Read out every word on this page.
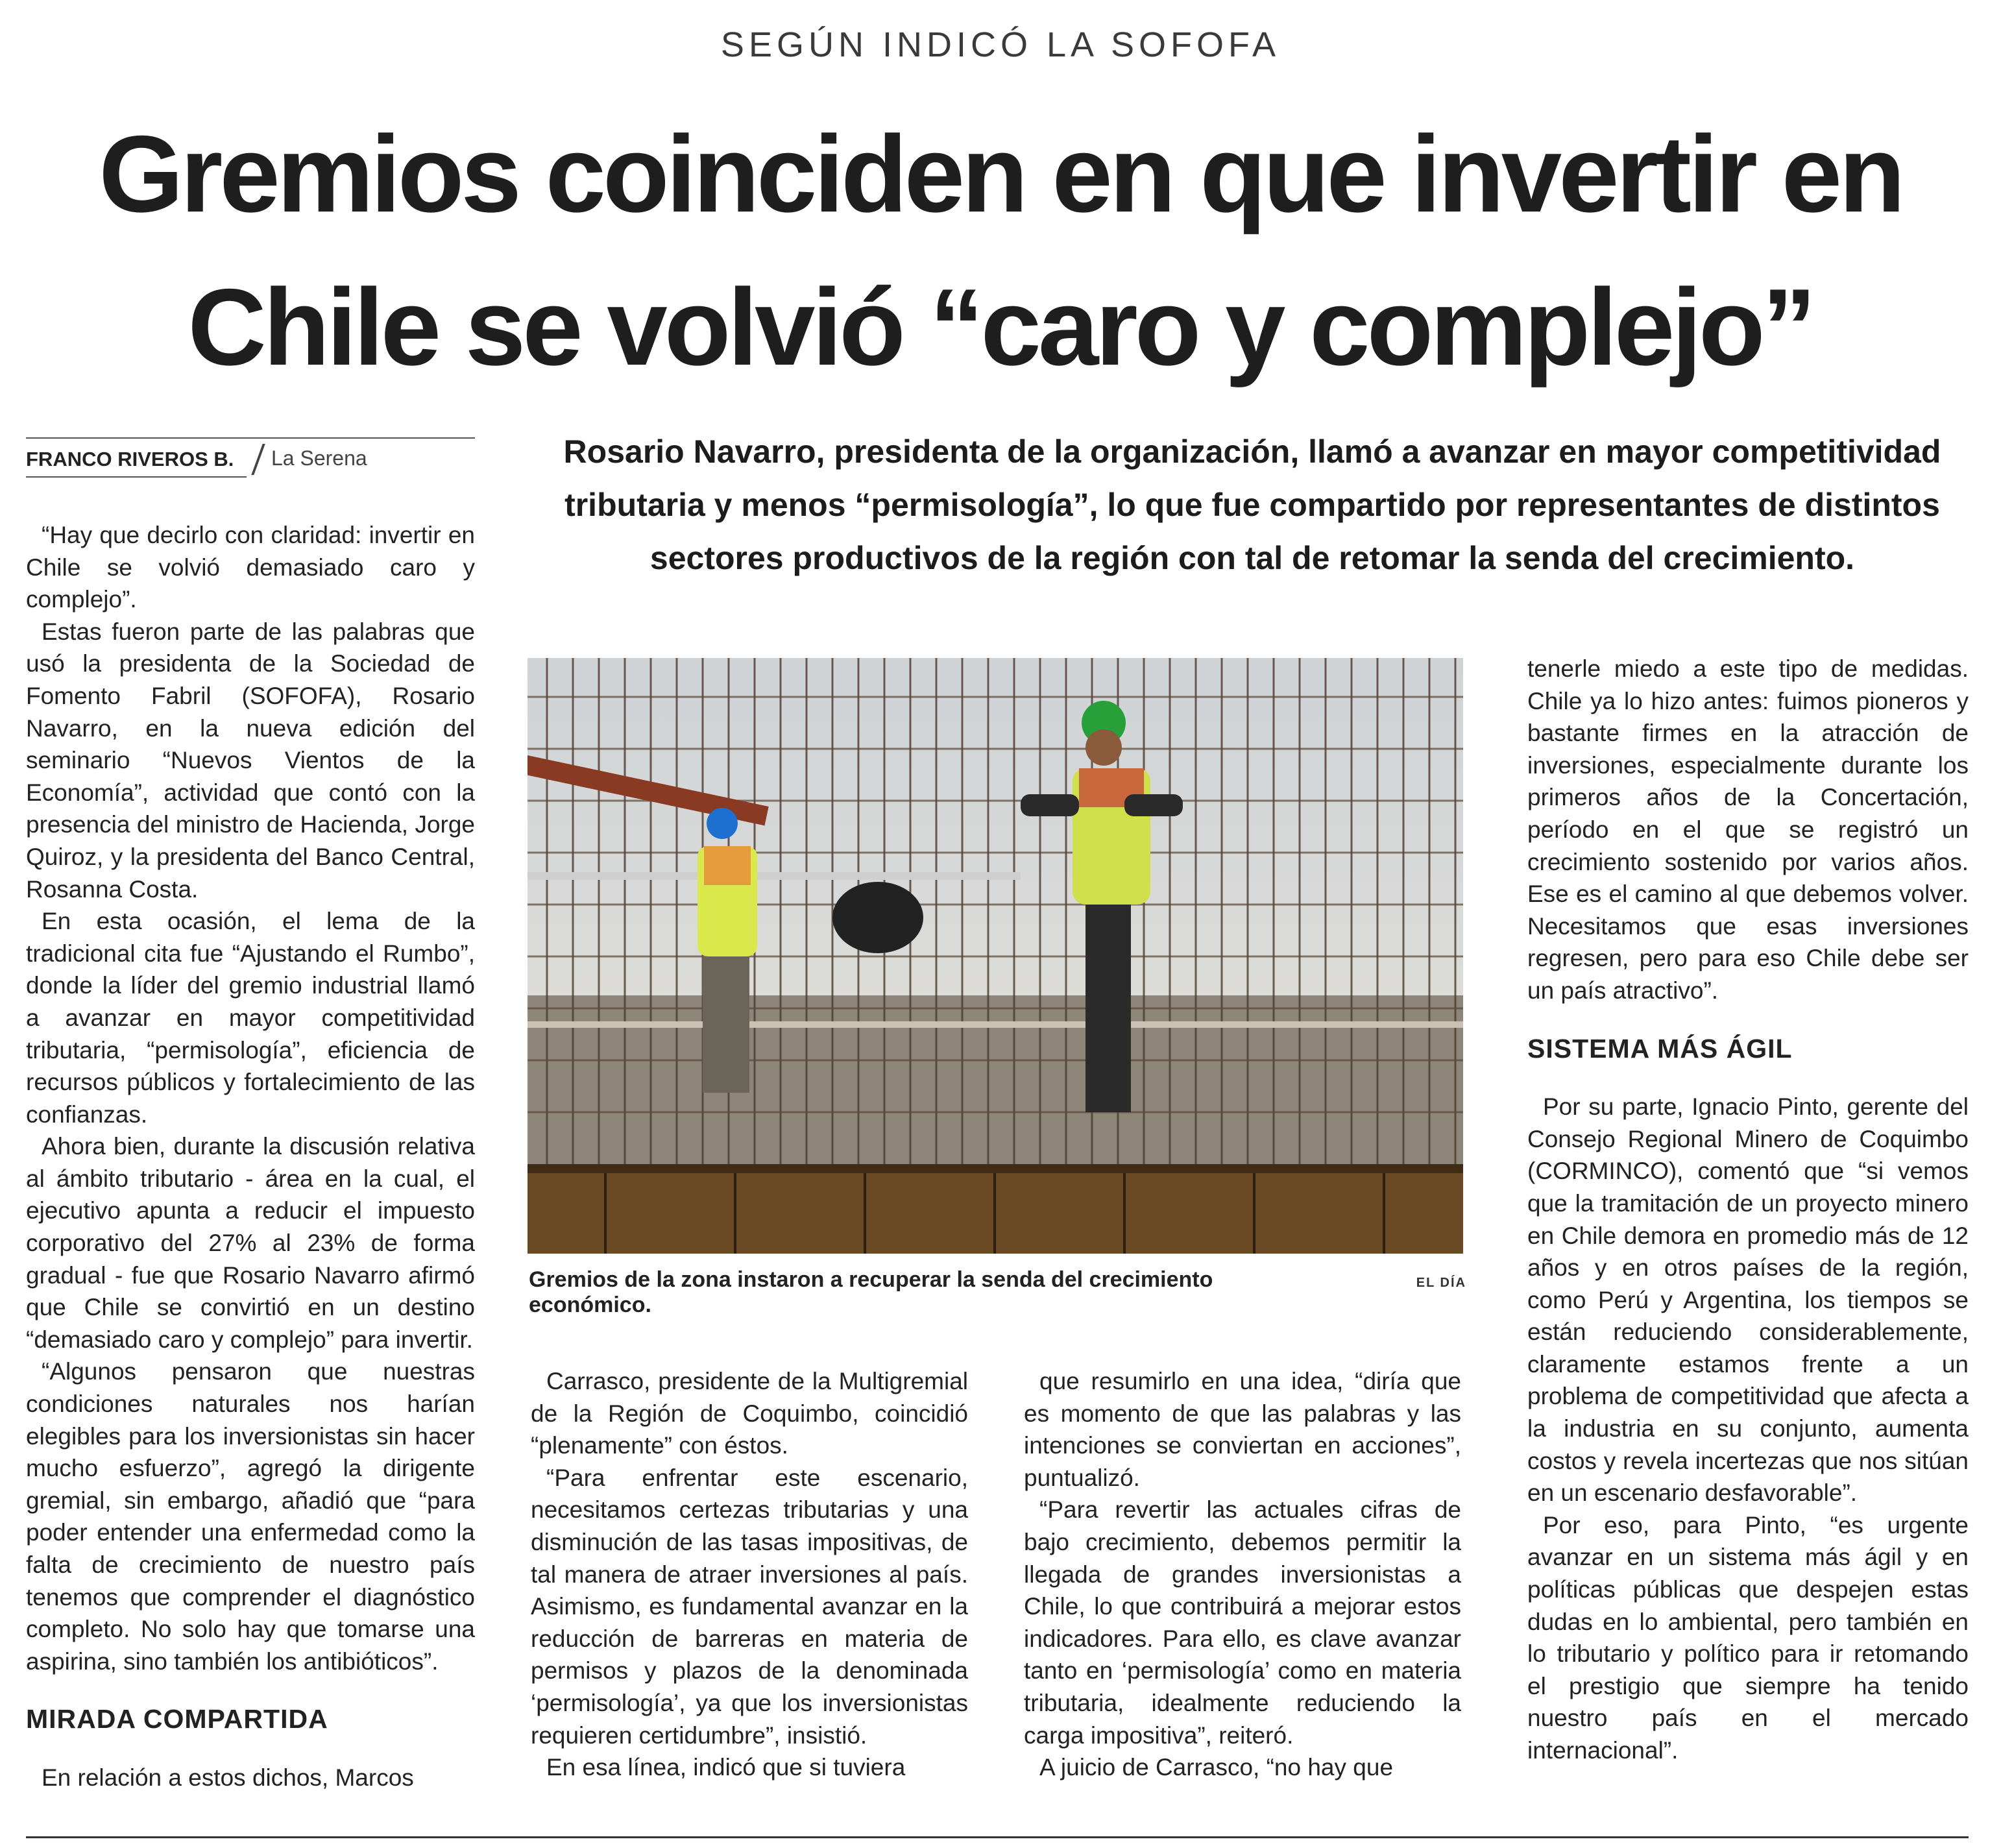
SEGÚN INDICÓ LA SOFOFA
Gremios coinciden en que invertir en
Chile se volvió “caro y complejo”
FRANCO RIVEROS B. La Serena	Rosario Navarro, presidenta de la organización, llamó a avanzar en mayor competitividad
tributaria y menos “permisología”, lo que fue compartido por representantes de distintos
sectores productivos de la región con tal de retomar la senda del crecimiento.

“Hay que decirlo con claridad: invertir en Chile se volvió demasiado caro y complejo”.

Estas fueron parte de las palabras que usó la presidenta de la Sociedad de Fomento Fabril (SOFOFA), Rosario Navarro, en la nueva edición del seminario “Nuevos Vientos de la Economía”, actividad que contó con la presencia del ministro de Hacienda, Jorge Quiroz, y la presidenta del Banco Central, Rosanna Costa.

En esta ocasión, el lema de la tradicional cita fue “Ajustando el Rumbo”, donde la líder del gremio industrial llamó a avanzar en mayor competitividad tributaria, “permisología”, eficiencia de recursos públicos y fortalecimiento de las confianzas.

Ahora bien, durante la discusión relativa al ámbito tributario - área en la cual, el ejecutivo apunta a reducir el impuesto corporativo del 27% al 23% de forma gradual - fue que Rosario Navarro afirmó que Chile se convirtió en un destino “demasiado caro y complejo” para invertir.

“Algunos pensaron que nuestras condiciones naturales nos harían elegibles para los inversionistas sin hacer mucho esfuerzo”, agregó la dirigente gremial, sin embargo, añadió que “para poder entender una enfermedad como la falta de crecimiento de nuestro país tenemos que comprender el diagnóstico completo. No solo hay que tomarse una aspirina, sino también los antibióticos”.

MIRADA COMPARTIDA

En relación a estos dichos, Marcos

Gremios de la zona instaron a recuperar la senda del crecimiento económico.
EL DÍA

Carrasco, presidente de la Multigremial de la Región de Coquimbo, coincidió “plenamente” con éstos.

“Para enfrentar este escenario, necesitamos certezas tributarias y una disminución de las tasas impositivas, de tal manera de atraer inversiones al país. Asimismo, es fundamental avanzar en la reducción de barreras en materia de permisos y plazos de la denominada ‘permisología’, ya que los inversionistas requieren certidumbre”, insistió.

En esa línea, indicó que si tuviera

que resumirlo en una idea, “diría que es momento de que las palabras y las intenciones se conviertan en acciones”, puntualizó.

“Para revertir las actuales cifras de bajo crecimiento, debemos permitir la llegada de grandes inversionistas a Chile, lo que contribuirá a mejorar estos indicadores. Para ello, es clave avanzar tanto en ‘permisología’ como en materia tributaria, idealmente reduciendo la carga impositiva”, reiteró.

A juicio de Carrasco, “no hay que

tenerle miedo a este tipo de medidas. Chile ya lo hizo antes: fuimos pioneros y bastante firmes en la atracción de inversiones, especialmente durante los primeros años de la Concertación, período en el que se registró un crecimiento sostenido por varios años. Ese es el camino al que debemos volver. Necesitamos que esas inversiones regresen, pero para eso Chile debe ser un país atractivo”.

SISTEMA MÁS ÁGIL

Por su parte, Ignacio Pinto, gerente del Consejo Regional Minero de Coquimbo (CORMINCO), comentó que “si vemos que la tramitación de un proyecto minero en Chile demora en promedio más de 12 años y en otros países de la región, como Perú y Argentina, los tiempos se están reduciendo considerablemente, claramente estamos frente a un problema de competitividad que afecta a la industria en su conjunto, aumenta costos y revela incertezas que nos sitúan en un escenario desfavorable”.

Por eso, para Pinto, “es urgente avanzar en un sistema más ágil y en políticas públicas que despejen estas dudas en lo ambiental, pero también en lo tributario y político para ir retomando el prestigio que siempre ha tenido nuestro país en el mercado internacional”.
